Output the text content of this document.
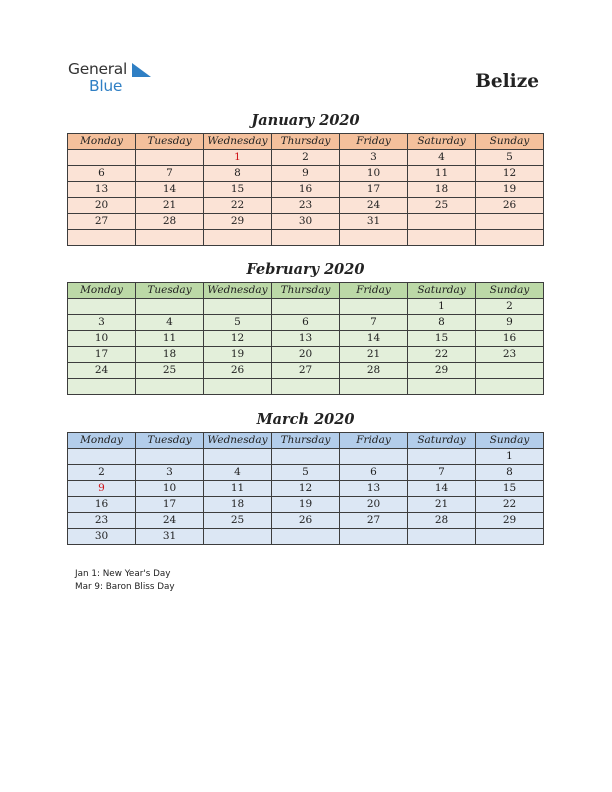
General
Blue	Belize
January 2020
Monday	Tuesday	Wednesday	Thursday	Friday	Saturday	Sunday
		1	2	3	4	5
6	7	8	9	10	11	12
13	14	15	16	17	18	19
20	21	22	23	24	25	26
27	28	29	30	31		

February 2020
Monday	Tuesday	Wednesday	Thursday	Friday	Saturday	Sunday
					1	2
3	4	5	6	7	8	9
10	11	12	13	14	15	16
17	18	19	20	21	22	23
24	25	26	27	28	29	

March 2020
Monday	Tuesday	Wednesday	Thursday	Friday	Saturday	Sunday
						1
2	3	4	5	6	7	8
9	10	11	12	13	14	15
16	17	18	19	20	21	22
23	24	25	26	27	28	29
30	31					
Jan 1: New Year's Day
Mar 9: Baron Bliss Day
